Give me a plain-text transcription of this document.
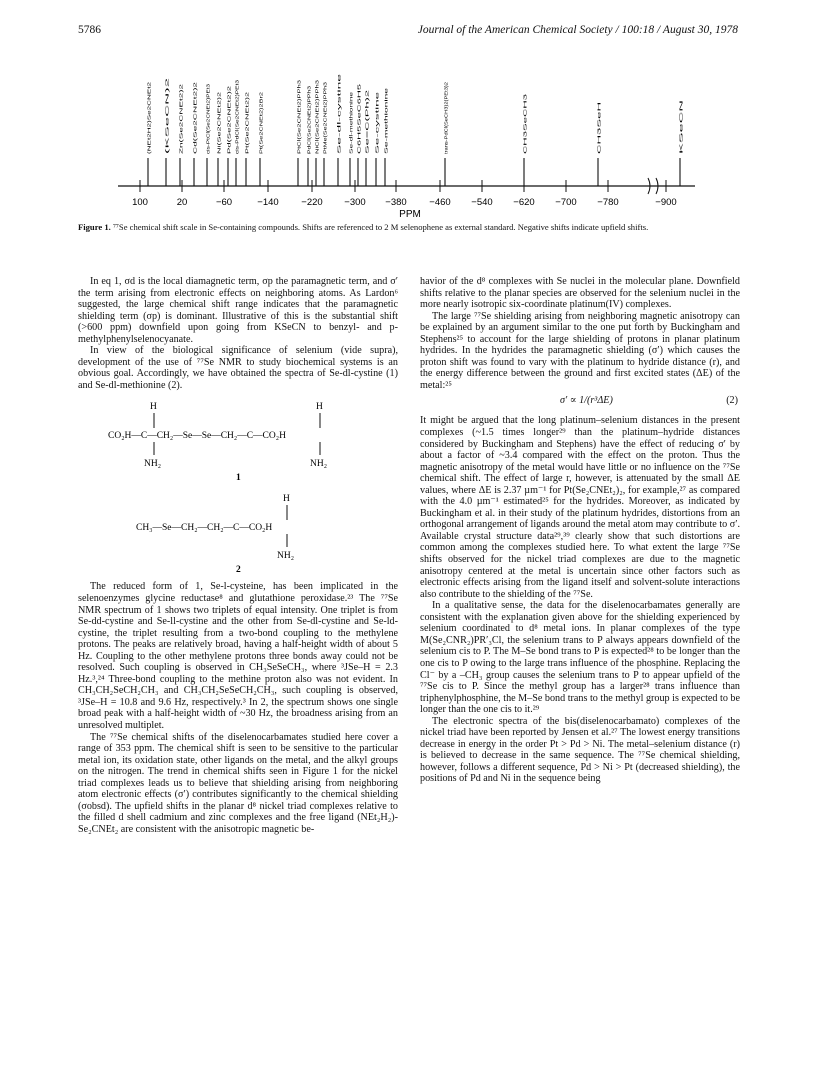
5786	Journal of the American Chemical Society / 100:18 / August 30, 1978
(NEt2H2)Se2CNEt2	(KSeCN)2 Zn(Se2CNEt2)2 Cd(Se2CNEt2)2 cis-PtCl(Se2CNEt2)PEt3 Ni(Se2CNEt2)2 Pd(Se2CNEt2)2 cis-PdCl(Se2CNEt2)PEt3 Pt(Se2CNEt2)2 Pt(Se2CNEt2)2Br2	PtCl(Se2CNEt2)PPh3 PdCl(Se2CNEt2)PPh3 NiCl(Se2CNEt2)PPh3 PtMe(Se2CNEt2)PPh3 Se-dl-cystine Se-dl-methionine C6H5SeC6H5 Se=C(Ph)2 Se-cystine Se-methionine	trans-PdCl(SeCH3)2(PEt3)2	CH3SeCH3	CH3SeH	KSeCN
100	20	−60	−140 −220 −300 −380 −460 −540 −620 −700 −780	−900
PPM
Figure 1. ⁷⁷Se chemical shift scale in Se-containing compounds. Shifts are referenced to 2 M selenophene as external standard. Negative shifts indicate upfield shifts.

In eq 1, σd is the local diamagnetic term, σp the paramagnetic term, and σ′ the term arising from electronic effects on neighboring atoms. As Lardon⁶ suggested, the large chemical shift range indicates that the paramagnetic shielding term (σp) is dominant. Illustrative of this is the substantial shift (>600 ppm) downfield upon going from KSeCN to benzyl- and p-methylphenylselenocyanate.

In view of the biological significance of selenium (vide supra), development of the use of ⁷⁷Se NMR to study biochemical systems is an obvious goal. Accordingly, we have obtained the spectra of Se-dl-cystine (1) and Se-dl-methionine (2).

H	H
CO₂H—C—CH₂—Se—Se—CH₂—C—CO₂H
NH₂	NH₂
1
H
CH₃—Se—CH₂—CH₂—C—CO₂H
NH₂
2

The reduced form of 1, Se-l-cysteine, has been implicated in the selenoenzymes glycine reductase⁸ and glutathione peroxidase.²³ The ⁷⁷Se NMR spectrum of 1 shows two triplets of equal intensity. One triplet is from Se-dd-cystine and Se-ll-cystine and the other from Se-dl-cystine and Se-ld-cystine, the triplet resulting from a two-bond coupling to the methylene protons. The peaks are relatively broad, having a half-height width of about 5 Hz. Coupling to the other methylene protons three bonds away could not be resolved. Such coupling is observed in CH₃SeSeCH₃, where ³JSe–H = 2.3 Hz.³,²⁴ Three-bond coupling to the methine proton also was not evident. In CH₃CH₂SeCH₂CH₃ and CH₃CH₂SeSeCH₂CH₃, such coupling is observed, ³JSe–H = 10.8 and 9.6 Hz, respectively.³ In 2, the spectrum shows one single broad peak with a half-height width of ~30 Hz, the broadness arising from an unresolved multiplet.

The ⁷⁷Se chemical shifts of the diselenocarbamates studied here cover a range of 353 ppm. The chemical shift is seen to be sensitive to the particular metal ion, its oxidation state, other ligands on the metal, and the alkyl groups on the nitrogen. The trend in chemical shifts seen in Figure 1 for the nickel triad complexes leads us to believe that shielding arising from neighboring atom electronic effects (σ′) contributes significantly to the chemical shielding (σobsd). The upfield shifts in the planar d⁸ nickel triad complexes relative to the filled d shell cadmium and zinc complexes and the free ligand (NEt₂H₂)-Se₂CNEt₂ are consistent with the anisotropic magnetic be-

havior of the d⁸ complexes with Se nuclei in the molecular plane. Downfield shifts relative to the planar species are observed for the selenium nuclei in the more nearly isotropic six-coordinate platinum(IV) complexes.

The large ⁷⁷Se shielding arising from neighboring magnetic anisotropy can be explained by an argument similar to the one put forth by Buckingham and Stephens²⁵ to account for the large shielding of protons in planar platinum hydrides. In the hydrides the paramagnetic shielding (σ′) which causes the proton shift was found to vary with the platinum to hydride distance (r), and the energy difference between the ground and first excited states (ΔE) of the metal:²⁵

σ′ ∝ 1/(r³ΔE)	(2)

It might be argued that the long platinum–selenium distances in the present complexes (~1.5 times longer²⁹ than the platinum–hydride distances considered by Buckingham and Stephens) have the effect of reducing σ′ by about a factor of ~3.4 compared with the effect on the proton. Thus the magnetic anisotropy of the metal would have little or no influence on the ⁷⁷Se chemical shift. The effect of large r, however, is attenuated by the small ΔE values, where ΔE is 2.37 µm⁻¹ for Pt(Se₂CNEt₂)₂, for example,²⁷ as compared with the 4.0 µm⁻¹ estimated²⁵ for the hydrides. Moreover, as indicated by Buckingham et al. in their study of the platinum hydrides, distortions from an orthogonal arrangement of ligands around the metal atom may contribute to σ′. Available crystal structure data²⁹,³⁹ clearly show that such distortions are common among the complexes studied here. To what extent the large ⁷⁷Se shifts observed for the nickel triad complexes are due to the magnetic anisotropy centered at the metal is uncertain since other factors such as electronic effects arising from the ligand itself and solvent-solute interactions also contribute to the shielding of the ⁷⁷Se.

In a qualitative sense, the data for the diselenocarbamates generally are consistent with the explanation given above for the shielding experienced by selenium coordinated to d⁸ metal ions. In planar complexes of the type M(Se₂CNR₂)PR′₃Cl, the selenium trans to P always appears downfield of the selenium cis to P. The M–Se bond trans to P is expected²⁸ to be longer than the one cis to P owing to the large trans influence of the phosphine. Replacing the Cl⁻ by a –CH₃ group causes the selenium trans to P to appear upfield of the ⁷⁷Se cis to P. Since the methyl group has a larger²⁸ trans influence than triphenylphosphine, the M–Se bond trans to the methyl group is expected to be longer than the one cis to it.²⁹

The electronic spectra of the bis(diselenocarbamato) complexes of the nickel triad have been reported by Jensen et al.²⁷ The lowest energy transitions decrease in energy in the order Pt > Pd > Ni. The metal–selenium distance (r) is believed to decrease in the same sequence. The ⁷⁷Se chemical shielding, however, follows a different sequence, Pd > Ni > Pt (decreased shielding), the positions of Pd and Ni in the sequence being
